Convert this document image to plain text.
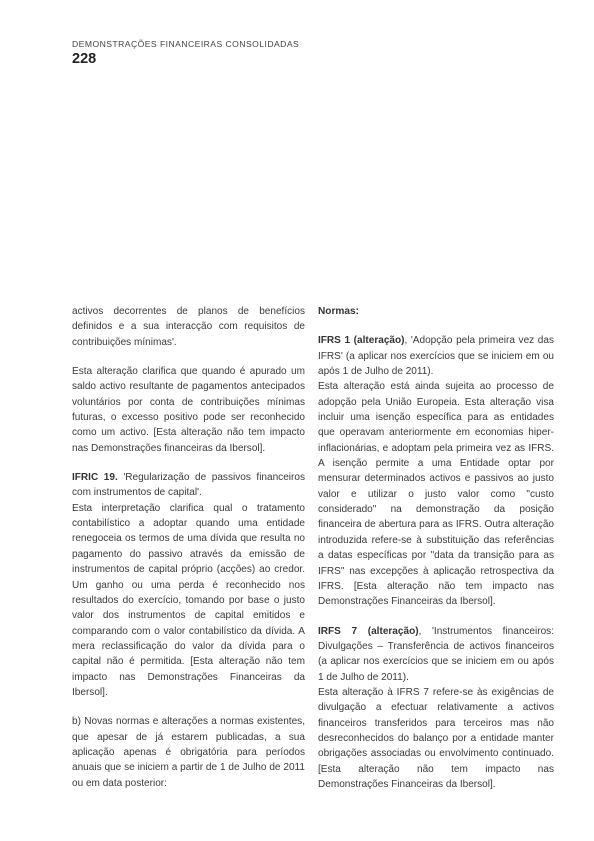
DEMONSTRAÇÕES FINANCEIRAS CONSOLIDADAS
228

activos decorrentes de planos de benefícios definidos e a sua interacção com requisitos de contribuições mínimas'.

Esta alteração clarifica que quando é apurado um saldo activo resultante de pagamentos antecipados voluntários por conta de contribuições mínimas futuras, o excesso positivo pode ser reconhecido como um activo. [Esta alteração não tem impacto nas Demonstrações financeiras da Ibersol].

IFRIC 19. 'Regularização de passivos financeiros com instrumentos de capital'.
Esta interpretação clarifica qual o tratamento contabilístico a adoptar quando uma entidade renegoceia os termos de uma dívida que resulta no pagamento do passivo através da emissão de instrumentos de capital próprio (acções) ao credor. Um ganho ou uma perda é reconhecido nos resultados do exercício, tomando por base o justo valor dos instrumentos de capital emitidos e comparando com o valor contabilístico da dívida. A mera reclassificação do valor da dívida para o capital não é permitida. [Esta alteração não tem impacto nas Demonstrações Financeiras da Ibersol].

b) Novas normas e alterações a normas existentes, que apesar de já estarem publicadas, a sua aplicação apenas é obrigatória para períodos anuais que se iniciem a partir de 1 de Julho de 2011 ou em data posterior:

Normas:

IFRS 1 (alteração), 'Adopção pela primeira vez das IFRS' (a aplicar nos exercícios que se iniciem em ou após 1 de Julho de 2011).
Esta alteração está ainda sujeita ao processo de adopção pela União Europeia. Esta alteração visa incluir uma isenção específica para as entidades que operavam anteriormente em economias hiper-inflacionárias, e adoptam pela primeira vez as IFRS. A isenção permite a uma Entidade optar por mensurar determinados activos e passivos ao justo valor e utilizar o justo valor como "custo considerado" na demonstração da posição financeira de abertura para as IFRS. Outra alteração introduzida refere-se à substituição das referências a datas específicas por "data da transição para as IFRS" nas excepções à aplicação retrospectiva da IFRS. [Esta alteração não tem impacto nas Demonstrações Financeiras da Ibersol].

IRFS 7 (alteração), 'Instrumentos financeiros: Divulgações – Transferência de activos financeiros (a aplicar nos exercícios que se iniciem em ou após 1 de Julho de 2011).
Esta alteração à IFRS 7 refere-se às exigências de divulgação a efectuar relativamente a activos financeiros transferidos para terceiros mas não desreconhecidos do balanço por a entidade manter obrigações associadas ou envolvimento continuado. [Esta alteração não tem impacto nas Demonstrações Financeiras da Ibersol].
